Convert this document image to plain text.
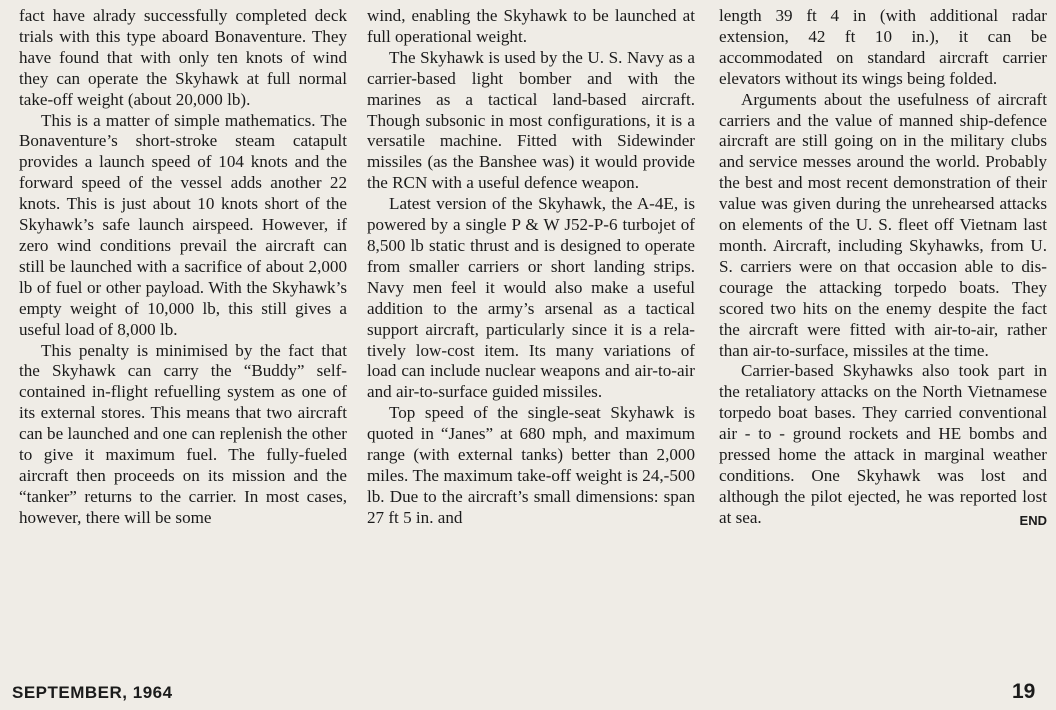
fact have alrady successfully completed deck trials with this type aboard Bonaventure. They have found that with only ten knots of wind they can operate the Skyhawk at full normal take-off weight (about 20,000 lb).

This is a matter of simple mathematics. The Bonaventure’s short-stroke steam catapult provides a launch speed of 104 knots and the forward speed of the vessel adds another 22 knots. This is just about 10 knots short of the Skyhawk’s safe launch airspeed. However, if zero wind conditions prevail the aircraft can still be launched with a sacrifice of about 2,000 lb of fuel or other payload. With the Skyhawk’s empty weight of 10,000 lb, this still gives a useful load of 8,000 lb.

This penalty is minimised by the fact that the Skyhawk can carry the “Buddy” self-contained in-flight refuelling system as one of its external stores. This means that two aircraft can be launched and one can replenish the other to give it maximum fuel. The fully-fueled aircraft then proceeds on its mission and the “tanker” returns to the carrier. In most cases, however, there will be some

wind, enabling the Skyhawk to be launched at full operational weight.

The Skyhawk is used by the U. S. Navy as a carrier-based light bomber and with the marines as a tactical land-based aircraft. Though subsonic in most configurations, it is a versatile machine. Fitted with Sidewinder missiles (as the Banshee was) it would provide the RCN with a useful defence weapon.

Latest version of the Skyhawk, the A-4E, is powered by a single P & W J52-P-6 turbojet of 8,500 lb static thrust and is designed to operate from smaller carriers or short landing strips. Navy men feel it would also make a useful addition to the army’s arsenal as a tactical support aircraft, particularly since it is a relatively low-cost item. Its many variations of load can include nuclear weapons and air-to-air and air-to-surface guided missiles.

Top speed of the single-seat Skyhawk is quoted in “Janes” at 680 mph, and maximum range (with external tanks) better than 2,000 miles. The maximum take-off weight is 24,-500 lb. Due to the aircraft’s small dimensions: span 27 ft 5 in. and

length 39 ft 4 in (with additional radar extension, 42 ft 10 in.), it can be accommodated on standard aircraft carrier elevators without its wings being folded.

Arguments about the usefulness of aircraft carriers and the value of manned ship-defence aircraft are still going on in the military clubs and service messes around the world. Probably the best and most recent demonstration of their value was given during the unrehearsed attacks on elements of the U. S. fleet off Vietnam last month. Aircraft, including Skyhawks, from U. S. carriers were on that occasion able to discourage the attacking torpedo boats. They scored two hits on the enemy despite the fact the aircraft were fitted with air-to-air, rather than air-to-surface, missiles at the time.

Carrier-based Skyhawks also took part in the retaliatory attacks on the North Vietnamese torpedo boat bases. They carried conventional air - to - ground rockets and HE bombs and pressed home the attack in marginal weather conditions. One Skyhawk was lost and although the pilot ejected, he was reported lost at sea.	END

SEPTEMBER, 1964	19
